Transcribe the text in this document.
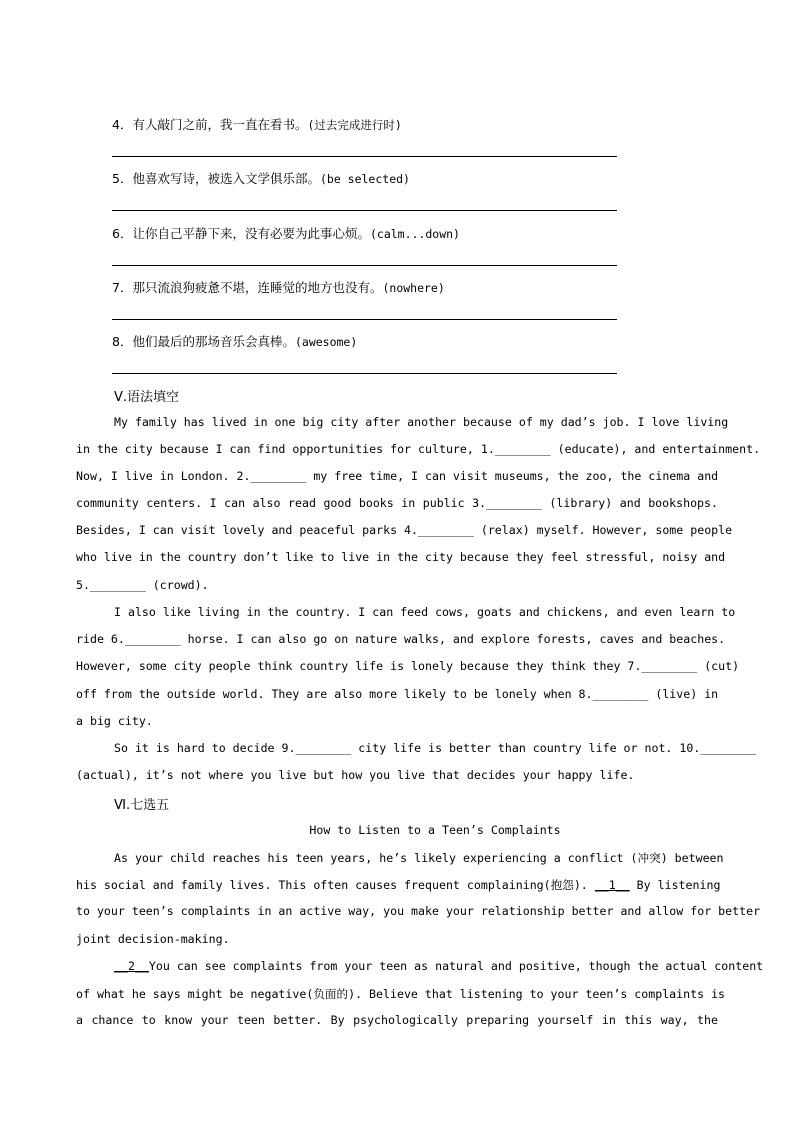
4．有人敲门之前，我一直在看书。(过去完成进行时)
5．他喜欢写诗，被选入文学俱乐部。(be selected)
6．让你自己平静下来，没有必要为此事心烦。(calm...down)
7．那只流浪狗疲惫不堪，连睡觉的地方也没有。(nowhere)
8．他们最后的那场音乐会真棒。(awesome)
Ⅴ.语法填空
My family has lived in one big city after another because of my dad’s job. I love living
in the city because I can find opportunities for culture, 1.________ (educate), and entertainment.
Now, I live in London. 2.________ my free time, I can visit museums, the zoo, the cinema and
community centers. I can also read good books in public 3.________ (library) and bookshops.
Besides, I can visit lovely and peaceful parks 4.________ (relax) myself. However, some people
who live in the country don’t like to live in the city because they feel stressful, noisy and
5.________ (crowd).
I also like living in the country. I can feed cows, goats and chickens, and even learn to
ride 6.________ horse. I can also go on nature walks, and explore forests, caves and beaches.
However, some city people think country life is lonely because they think they 7.________ (cut)
off from the outside world. They are also more likely to be lonely when 8.________ (live) in
a big city.
So it is hard to decide 9.________ city life is better than country life or not. 10.________
(actual), it’s not where you live but how you live that decides your happy life.
Ⅵ.七选五
How to Listen to a Teen’s Complaints
As your child reaches his teen years, he’s likely experiencing a conflict (冲突) between
his social and family lives. This often causes frequent complaining(抱怨). __1__ By listening
to your teen’s complaints in an active way, you make your relationship better and allow for better
joint decision-making.
__2__You can see complaints from your teen as natural and positive, though the actual content
of what he says might be negative(负面的). Believe that listening to your teen’s complaints is
a chance to know your teen better. By psychologically preparing yourself in this way, the
